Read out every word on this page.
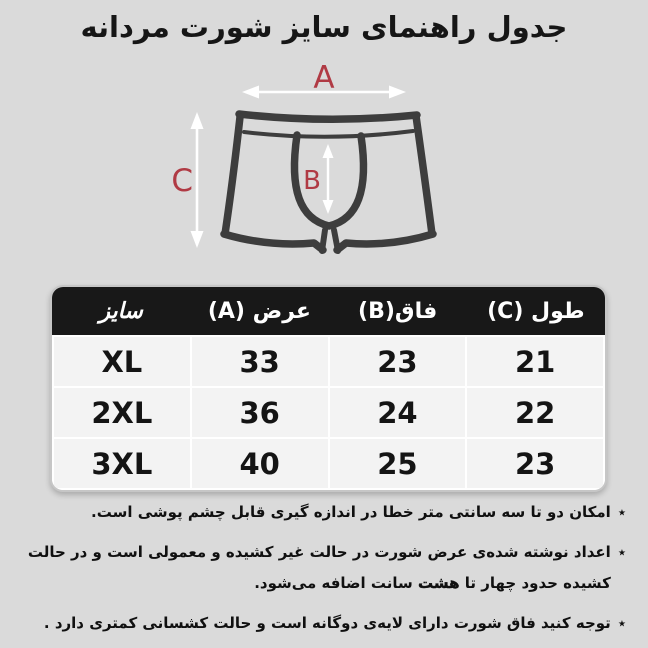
جدول راهنمای سایز شورت مردانه
A
B
C
سایز	عرض (A)	فاق(B)	طول (C)
XL	33	23	21
2XL	36	24	22
3XL	40	25	23
٭
امکان دو تا سه سانتی متر خطا در اندازه گیری قابل چشم پوشی است.
٭
اعداد نوشته شده‌ی عرض شورت در حالت غیر کشیده و معمولی است و در حالت
کشیده حدود چهار تا هشت سانت اضافه می‌شود.
٭
توجه کنید فاق شورت دارای لایه‌ی دوگانه است و حالت کشسانی کمتری دارد .
